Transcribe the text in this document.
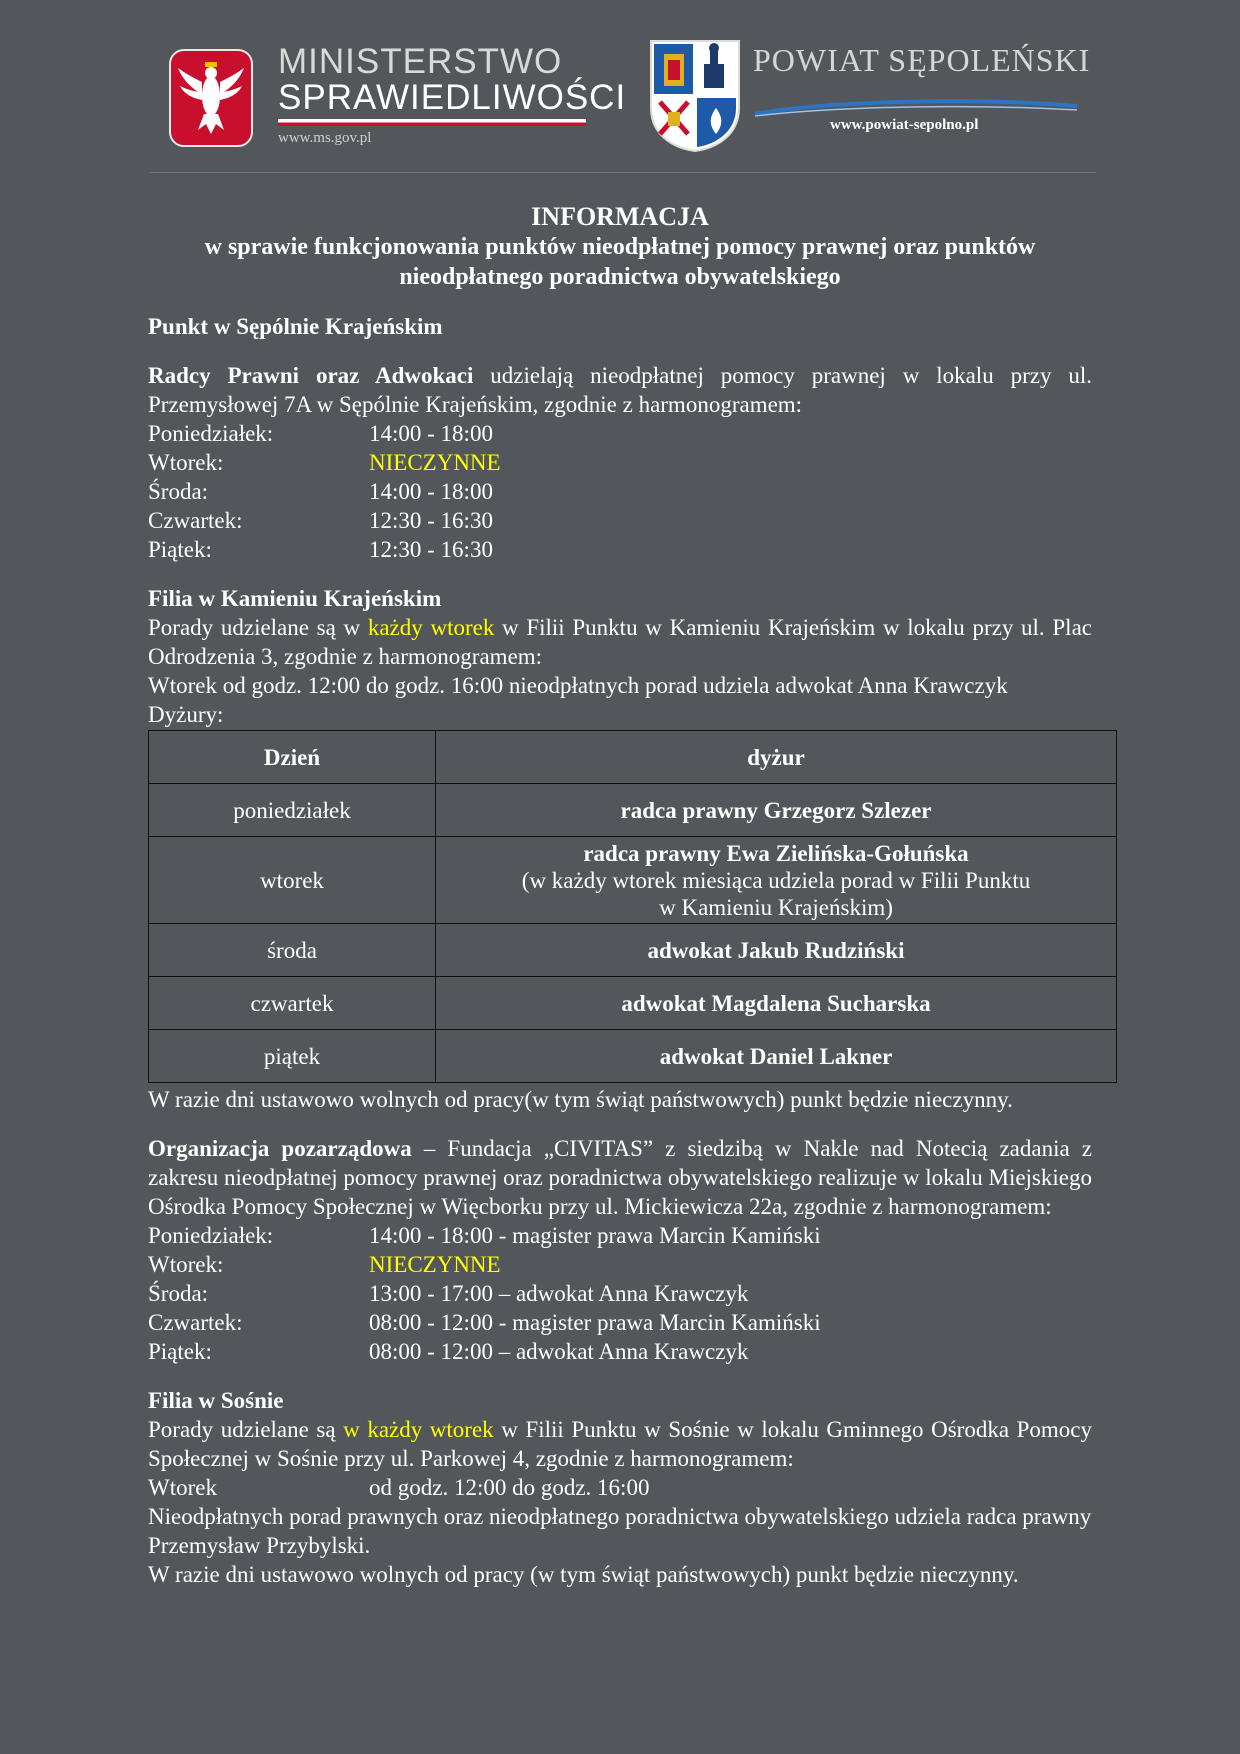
MINISTERSTWO
SPRAWIEDLIWOŚCI
www.ms.gov.pl
POWIAT SĘPOLEŃSKI
www.powiat-sepolno.pl
INFORMACJA
w sprawie funkcjonowania punktów nieodpłatnej pomocy prawnej oraz punktów nieodpłatnego poradnictwa obywatelskiego

Punkt w Sępólnie Krajeńskim

Radcy Prawni oraz Adwokaci udzielają nieodpłatnej pomocy prawnej w lokalu przy ul. Przemysłowej 7A w Sępólnie Krajeńskim, zgodnie z harmonogramem:

Poniedziałek:	14:00 - 18:00
Wtorek:	NIECZYNNE
Środa:	14:00 - 18:00
Czwartek:	12:30 - 16:30
Piątek:	12:30 - 16:30

Filia w Kamieniu Krajeńskim

Porady udzielane są w każdy wtorek w Filii Punktu w Kamieniu Krajeńskim w lokalu przy ul. Plac Odrodzenia 3, zgodnie z harmonogramem:

Wtorek od godz. 12:00 do godz. 16:00 nieodpłatnych porad udziela adwokat Anna Krawczyk

Dyżury:

Dzień	dyżur
poniedziałek	radca prawny Grzegorz Szlezer
wtorek	radca prawny Ewa Zielińska-Gołuńska
(w każdy wtorek miesiąca udziela porad w Filii Punktu
w Kamieniu Krajeńskim)

środa	adwokat Jakub Rudziński
czwartek	adwokat Magdalena Sucharska
piątek	adwokat Daniel Lakner

W razie dni ustawowo wolnych od pracy(w tym świąt państwowych) punkt będzie nieczynny.

Organizacja pozarządowa – Fundacja „CIVITAS” z siedzibą w Nakle nad Notecią zadania z zakresu nieodpłatnej pomocy prawnej oraz poradnictwa obywatelskiego realizuje w lokalu Miejskiego Ośrodka Pomocy Społecznej w Więcborku przy ul. Mickiewicza 22a, zgodnie z harmonogramem:

Poniedziałek:	14:00 - 18:00 - magister prawa Marcin Kamiński
Wtorek:	NIECZYNNE
Środa:	13:00 - 17:00 – adwokat Anna Krawczyk
Czwartek:	08:00 - 12:00 - magister prawa Marcin Kamiński
Piątek:	08:00 - 12:00 – adwokat Anna Krawczyk

Filia w Sośnie

Porady udzielane są w każdy wtorek w Filii Punktu w Sośnie w lokalu Gminnego Ośrodka Pomocy Społecznej w Sośnie przy ul. Parkowej 4, zgodnie z harmonogramem:

Wtorek	od godz. 12:00 do godz. 16:00

Nieodpłatnych porad prawnych oraz nieodpłatnego poradnictwa obywatelskiego udziela radca prawny Przemysław Przybylski.

W razie dni ustawowo wolnych od pracy (w tym świąt państwowych) punkt będzie nieczynny.
